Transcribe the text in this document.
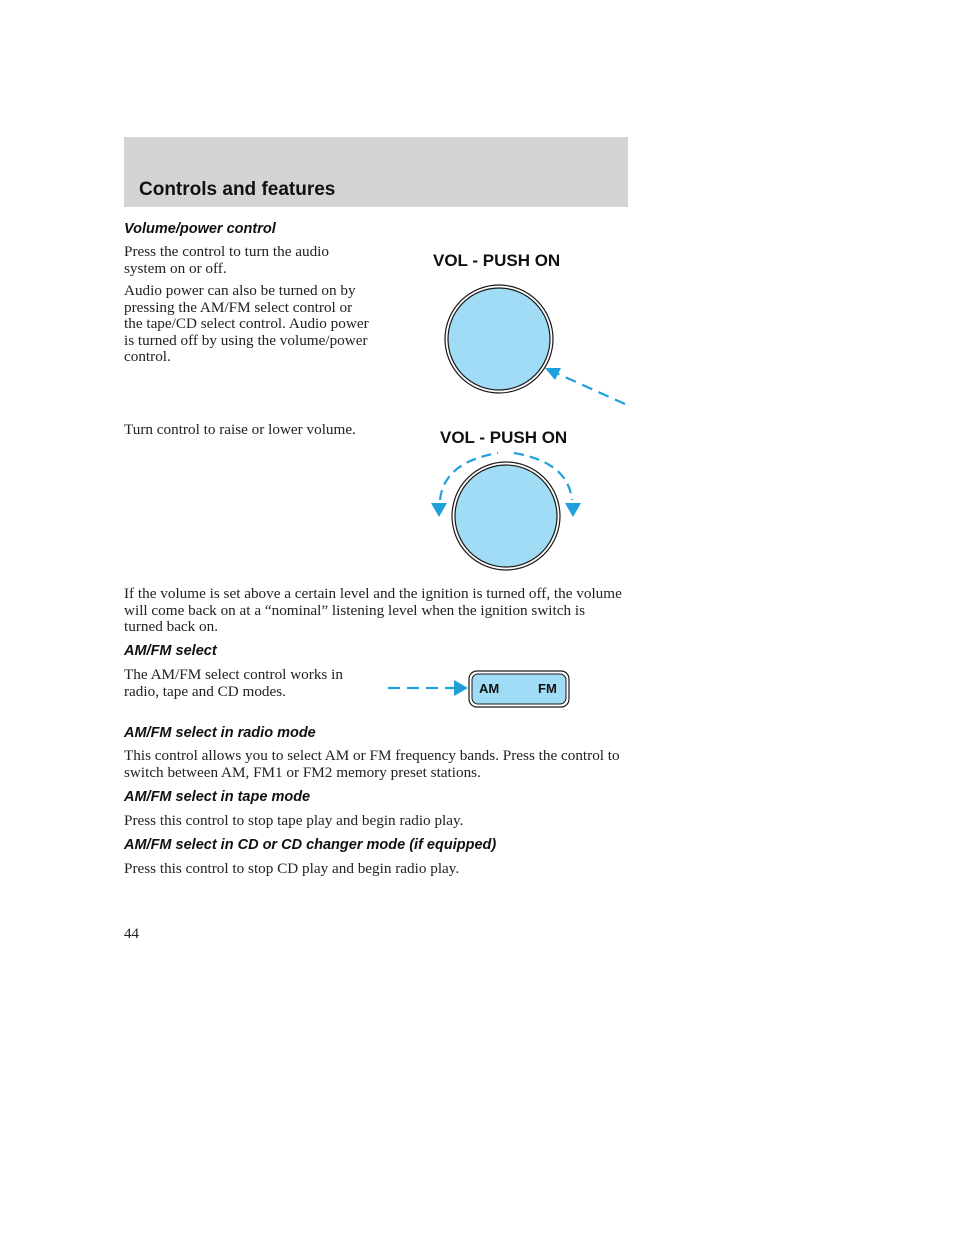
Controls and features
Volume/power control

Press the control to turn the audio system on or off.

Audio power can also be turned on by pressing the AM/FM select control or the tape/CD select control. Audio power is turned off by using the volume/power control.

VOL - PUSH ON

Turn control to raise or lower volume.	VOL - PUSH ON

If the volume is set above a certain level and the ignition is turned off, the volume will come back on at a “nominal” listening level when the ignition switch is turned back on.

AM/FM select

The AM/FM select control works in radio, tape and CD modes.	AM	FM
AM/FM select in radio mode

This control allows you to select AM or FM frequency bands. Press the control to switch between AM, FM1 or FM2 memory preset stations.

AM/FM select in tape mode

Press this control to stop tape play and begin radio play.

AM/FM select in CD or CD changer mode (if equipped)

Press this control to stop CD play and begin radio play.

44
